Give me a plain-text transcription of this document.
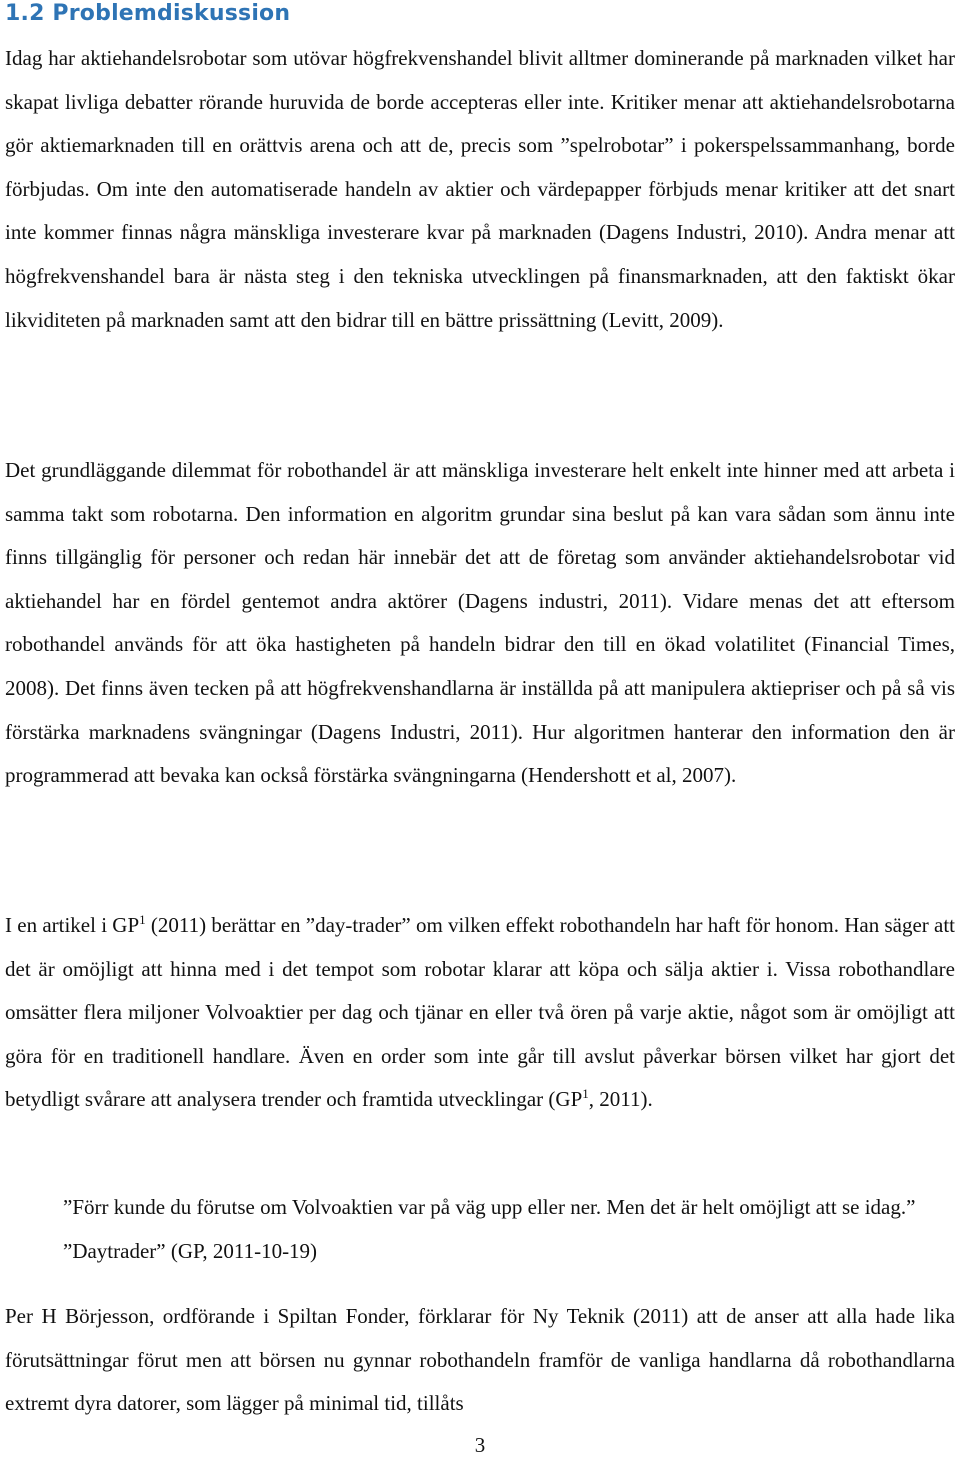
1.2 Problemdiskussion

Idag har aktiehandelsrobotar som utövar högfrekvenshandel blivit alltmer dominerande på marknaden vilket har skapat livliga debatter rörande huruvida de borde accepteras eller inte. Kritiker menar att aktiehandelsrobotarna gör aktiemarknaden till en orättvis arena och att de, precis som ”spelrobotar” i pokerspelssammanhang, borde förbjudas. Om inte den automatiserade handeln av aktier och värdepapper förbjuds menar kritiker att det snart inte kommer finnas några mänskliga investerare kvar på marknaden (Dagens Industri, 2010). Andra menar att högfrekvenshandel bara är nästa steg i den tekniska utvecklingen på finansmarknaden, att den faktiskt ökar likviditeten på marknaden samt att den bidrar till en bättre prissättning (Levitt, 2009).

Det grundläggande dilemmat för robothandel är att mänskliga investerare helt enkelt inte hinner med att arbeta i samma takt som robotarna. Den information en algoritm grundar sina beslut på kan vara sådan som ännu inte finns tillgänglig för personer och redan här innebär det att de företag som använder aktiehandelsrobotar vid aktiehandel har en fördel gentemot andra aktörer (Dagens industri, 2011). Vidare menas det att eftersom robothandel används för att öka hastigheten på handeln bidrar den till en ökad volatilitet (Financial Times, 2008). Det finns även tecken på att högfrekvenshandlarna är inställda på att manipulera aktiepriser och på så vis förstärka marknadens svängningar (Dagens Industri, 2011). Hur algoritmen hanterar den information den är programmerad att bevaka kan också förstärka svängningarna (Hendershott et al, 2007).

I en artikel i $GP^1$ (2011) berättar en ”day-trader” om vilken effekt robothandeln har haft för honom. Han säger att det är omöjligt att hinna med i det tempot som robotar klarar att köpa och sälja aktier i. Vissa robothandlare omsätter flera miljoner Volvoaktier per dag och tjänar en eller två ören på varje aktie, något som är omöjligt att göra för en traditionell handlare. Även en order som inte går till avslut påverkar börsen vilket har gjort det betydligt svårare att analysera trender och framtida utvecklingar ($GP^1$, 2011).

”Förr kunde du förutse om Volvoaktien var på väg upp eller ner. Men det är helt omöjligt att se idag.” ”Daytrader” (GP, 2011-10-19)

Per H Börjesson, ordförande i Spiltan Fonder, förklarar för Ny Teknik (2011) att de anser att alla hade lika förutsättningar förut men att börsen nu gynnar robothandeln framför de vanliga handlarna då robothandlarna extremt dyra datorer, som lägger på minimal tid, tillåts

3
